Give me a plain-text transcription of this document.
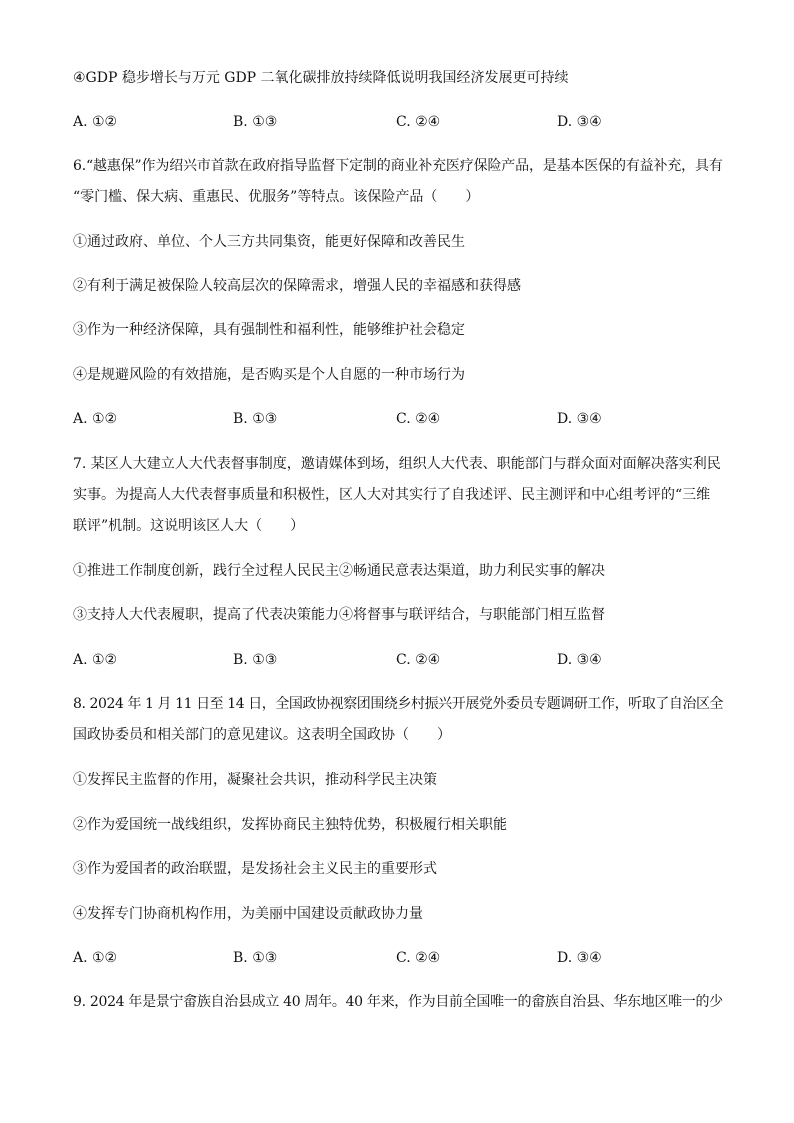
④GDP 稳步增长与万元 GDP 二氧化碳排放持续降低说明我国经济发展更可持续
A. ①②	B. ①③	C. ②④	D. ③④
6.“越惠保”作为绍兴市首款在政府指导监督下定制的商业补充医疗保险产品，是基本医保的有益补充，具有
“零门槛、保大病、重惠民、优服务”等特点。该保险产品（　　）
①通过政府、单位、个人三方共同集资，能更好保障和改善民生
②有利于满足被保险人较高层次的保障需求，增强人民的幸福感和获得感
③作为一种经济保障，具有强制性和福利性，能够维护社会稳定
④是规避风险的有效措施，是否购买是个人自愿的一种市场行为
A. ①②	B. ①③	C. ②④	D. ③④
7. 某区人大建立人大代表督事制度，邀请媒体到场，组织人大代表、职能部门与群众面对面解决落实利民
实事。为提高人大代表督事质量和积极性，区人大对其实行了自我述评、民主测评和中心组考评的“三维
联评”机制。这说明该区人大（　　）
①推进工作制度创新，践行全过程人民民主②畅通民意表达渠道，助力利民实事的解决
③支持人大代表履职，提高了代表决策能力④将督事与联评结合，与职能部门相互监督
A. ①②	B. ①③	C. ②④	D. ③④
8. 2024 年 1 月 11 日至 14 日，全国政协视察团围绕乡村振兴开展党外委员专题调研工作，听取了自治区全
国政协委员和相关部门的意见建议。这表明全国政协（　　）
①发挥民主监督的作用，凝聚社会共识，推动科学民主决策
②作为爱国统一战线组织，发挥协商民主独特优势，积极履行相关职能
③作为爱国者的政治联盟，是发扬社会主义民主的重要形式
④发挥专门协商机构作用，为美丽中国建设贡献政协力量
A. ①②	B. ①③	C. ②④	D. ③④
9. 2024 年是景宁畲族自治县成立 40 周年。40 年来，作为目前全国唯一的畲族自治县、华东地区唯一的少
